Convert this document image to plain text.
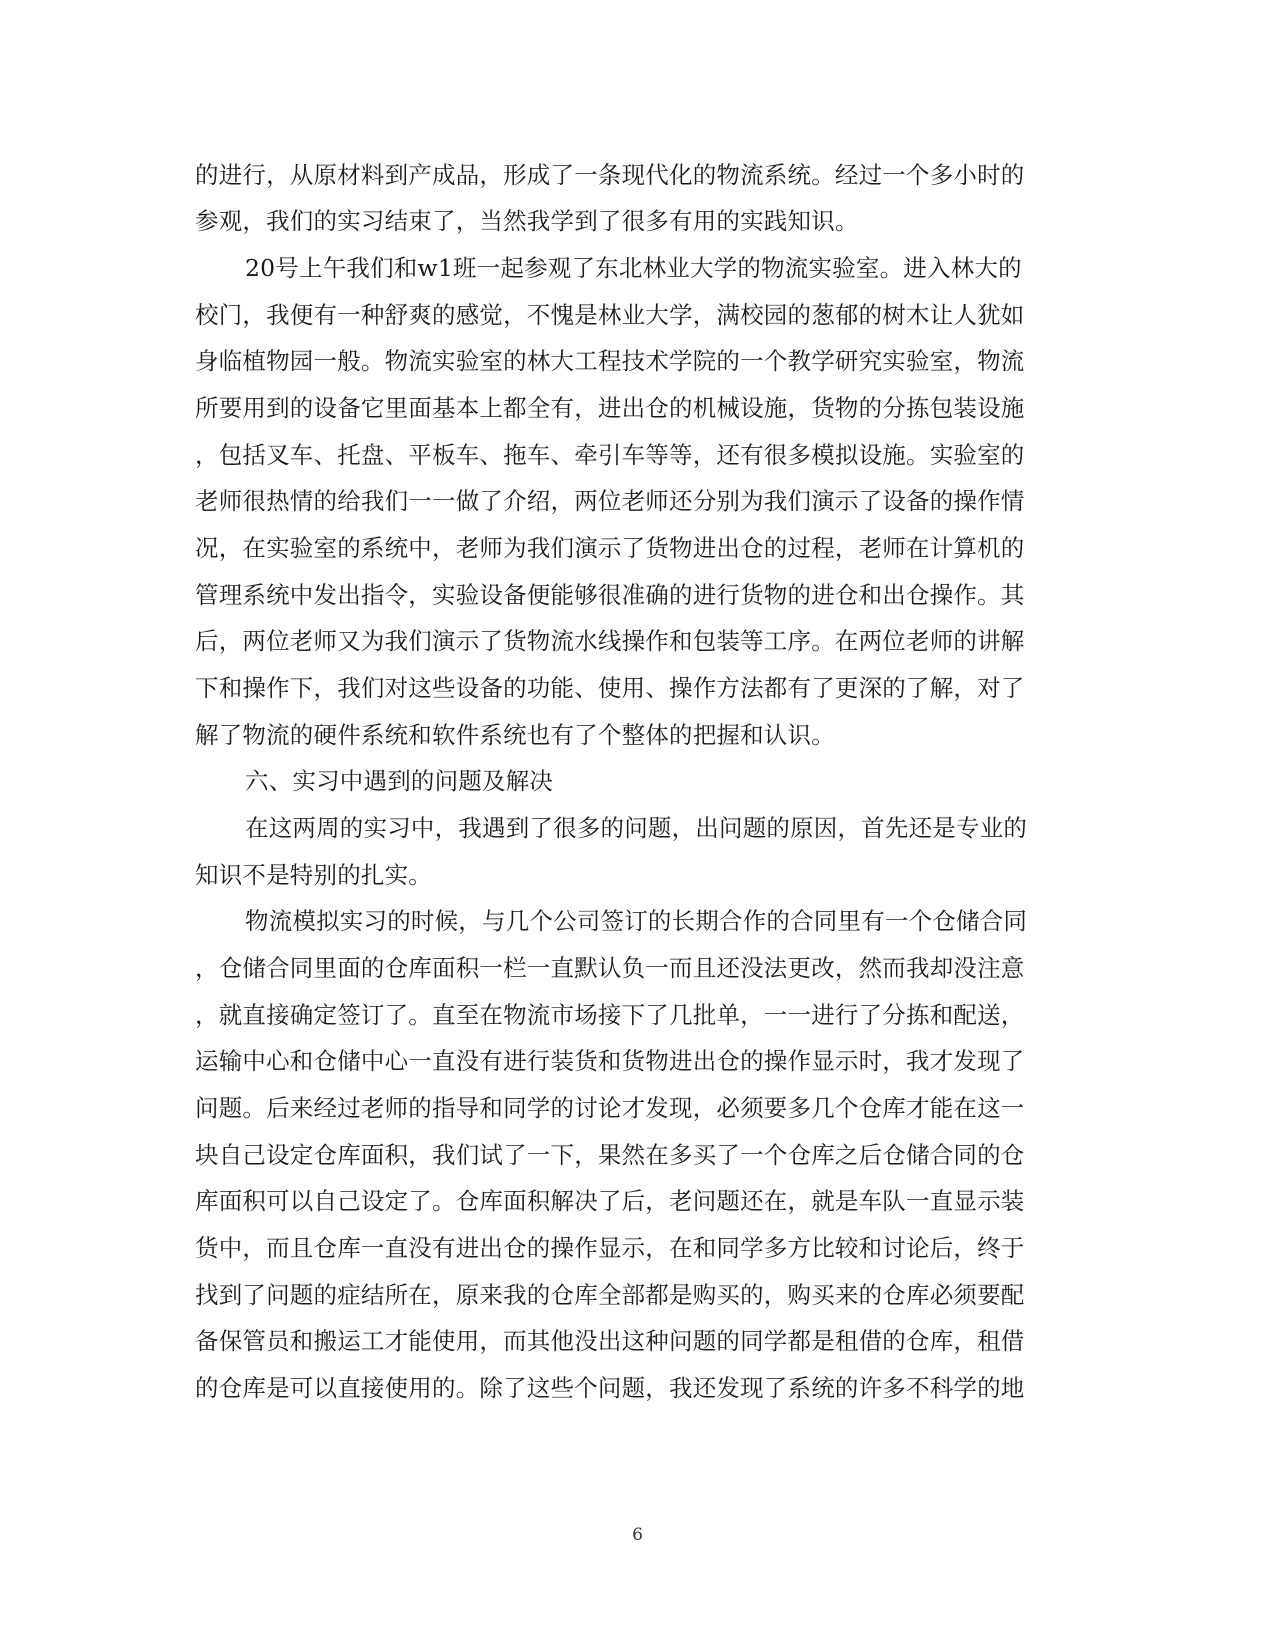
的进行，从原材料到产成品，形成了一条现代化的物流系统。经过一个多小时的
参观，我们的实习结束了，当然我学到了很多有用的实践知识。
20号上午我们和w1班一起参观了东北林业大学的物流实验室。进入林大的
校门，我便有一种舒爽的感觉，不愧是林业大学，满校园的葱郁的树木让人犹如
身临植物园一般。物流实验室的林大工程技术学院的一个教学研究实验室，物流
所要用到的设备它里面基本上都全有，进出仓的机械设施，货物的分拣包装设施
，包括叉车、托盘、平板车、拖车、牵引车等等，还有很多模拟设施。实验室的
老师很热情的给我们一一做了介绍，两位老师还分别为我们演示了设备的操作情
况，在实验室的系统中，老师为我们演示了货物进出仓的过程，老师在计算机的
管理系统中发出指令，实验设备便能够很准确的进行货物的进仓和出仓操作。其
后，两位老师又为我们演示了货物流水线操作和包装等工序。在两位老师的讲解
下和操作下，我们对这些设备的功能、使用、操作方法都有了更深的了解，对了
解了物流的硬件系统和软件系统也有了个整体的把握和认识。
六、实习中遇到的问题及解决
在这两周的实习中，我遇到了很多的问题，出问题的原因，首先还是专业的
知识不是特别的扎实。
物流模拟实习的时候，与几个公司签订的长期合作的合同里有一个仓储合同
，仓储合同里面的仓库面积一栏一直默认负一而且还没法更改，然而我却没注意
，就直接确定签订了。直至在物流市场接下了几批单，一一进行了分拣和配送，
运输中心和仓储中心一直没有进行装货和货物进出仓的操作显示时，我才发现了
问题。后来经过老师的指导和同学的讨论才发现，必须要多几个仓库才能在这一
块自己设定仓库面积，我们试了一下，果然在多买了一个仓库之后仓储合同的仓
库面积可以自己设定了。仓库面积解决了后，老问题还在，就是车队一直显示装
货中，而且仓库一直没有进出仓的操作显示，在和同学多方比较和讨论后，终于
找到了问题的症结所在，原来我的仓库全部都是购买的，购买来的仓库必须要配
备保管员和搬运工才能使用，而其他没出这种问题的同学都是租借的仓库，租借
的仓库是可以直接使用的。除了这些个问题，我还发现了系统的许多不科学的地
6
